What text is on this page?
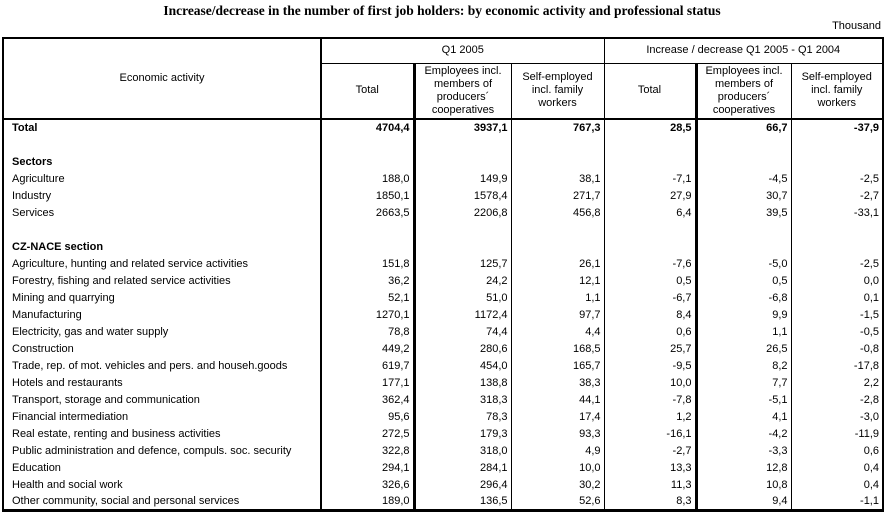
Increase/decrease in the number of first job holders: by economic activity and professional status
Thousand
Economic activity	Q1 2005			Increase / decrease Q1 2005 - Q1 2004		
	Total	Employees incl. members of producers´ cooperatives	Self-employed incl. family workers	Total	Employees incl. members of producers´ cooperatives	Self-employed incl. family workers
Total	4704,4	3937,1	767,3	28,5	66,7	-37,9

Sectors						
Agriculture	188,0	149,9	38,1	-7,1	-4,5	-2,5
Industry	1850,1	1578,4	271,7	27,9	30,7	-2,7
Services	2663,5	2206,8	456,8	6,4	39,5	-33,1

CZ-NACE section						
Agriculture, hunting and related service activities	151,8	125,7	26,1	-7,6	-5,0	-2,5
Forestry, fishing and related service activities	36,2	24,2	12,1	0,5	0,5	0,0
Mining and quarrying	52,1	51,0	1,1	-6,7	-6,8	0,1
Manufacturing	1270,1	1172,4	97,7	8,4	9,9	-1,5
Electricity, gas and water supply	78,8	74,4	4,4	0,6	1,1	-0,5
Construction	449,2	280,6	168,5	25,7	26,5	-0,8
Trade, rep. of mot. vehicles and pers. and househ.goods	619,7	454,0	165,7	-9,5	8,2	-17,8
Hotels and restaurants	177,1	138,8	38,3	10,0	7,7	2,2
Transport, storage and communication	362,4	318,3	44,1	-7,8	-5,1	-2,8
Financial intermediation	95,6	78,3	17,4	1,2	4,1	-3,0
Real estate, renting and business activities	272,5	179,3	93,3	-16,1	-4,2	-11,9
Public administration and defence, compuls. soc. security	322,8	318,0	4,9	-2,7	-3,3	0,6
Education	294,1	284,1	10,0	13,3	12,8	0,4
Health and social work	326,6	296,4	30,2	11,3	10,8	0,4
Other community, social and personal services	189,0	136,5	52,6	8,3	9,4	-1,1
